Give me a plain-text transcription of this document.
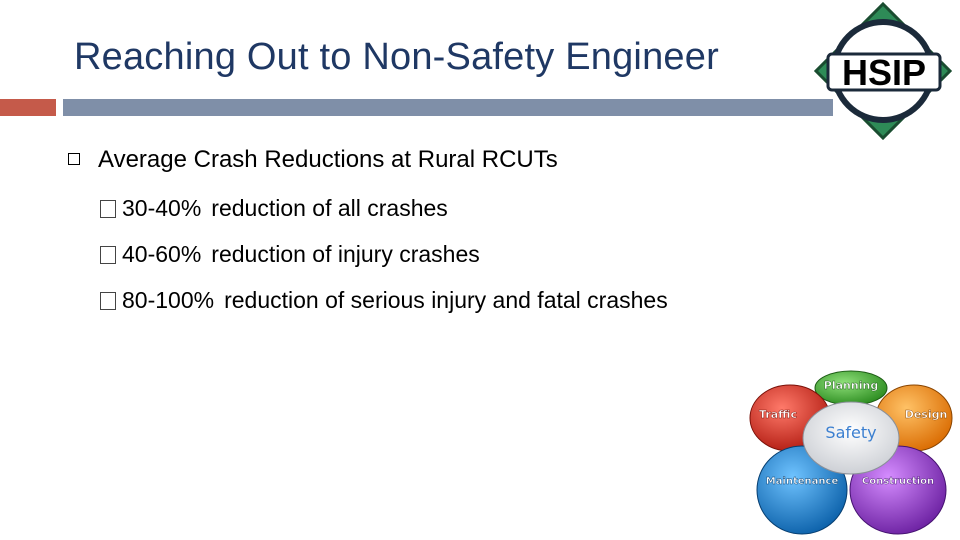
Reaching Out to Non-Safety Engineer	HSIP
Average Crash Reductions at Rural RCUTs
30-40% reduction of all crashes
40-60% reduction of injury crashes
80-100% reduction of serious injury and fatal crashes
Planning
Traffic	Design
Safety
Maintenance Construction
